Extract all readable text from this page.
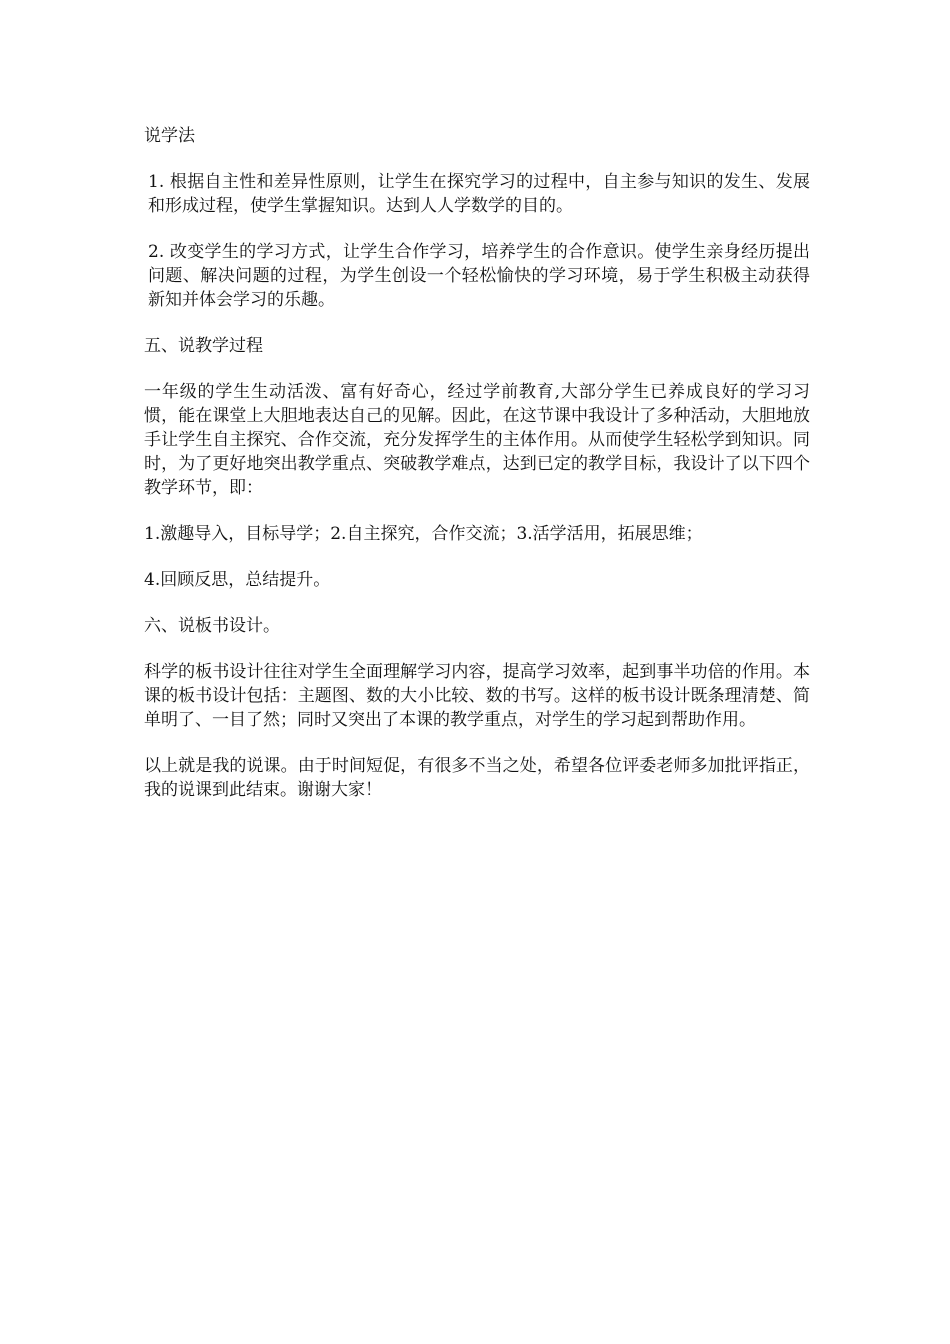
说学法

1. 根据自主性和差异性原则，让学生在探究学习的过程中，自主参与知识的发生、发展和形成过程，使学生掌握知识。达到人人学数学的目的。

2. 改变学生的学习方式，让学生合作学习，培养学生的合作意识。使学生亲身经历提出问题、解决问题的过程，为学生创设一个轻松愉快的学习环境，易于学生积极主动获得新知并体会学习的乐趣。

五、说教学过程

一年级的学生生动活泼、富有好奇心，经过学前教育,大部分学生已养成良好的学习习惯，能在课堂上大胆地表达自己的见解。因此，在这节课中我设计了多种活动，大胆地放手让学生自主探究、合作交流，充分发挥学生的主体作用。从而使学生轻松学到知识。同时，为了更好地突出教学重点、突破教学难点，达到已定的教学目标，我设计了以下四个教学环节，即：

1.激趣导入，目标导学；2.自主探究，合作交流；3.活学活用，拓展思维；

4.回顾反思，总结提升。

六、说板书设计。

科学的板书设计往往对学生全面理解学习内容，提高学习效率，起到事半功倍的作用。本课的板书设计包括：主题图、数的大小比较、数的书写。这样的板书设计既条理清楚、简单明了、一目了然；同时又突出了本课的教学重点，对学生的学习起到帮助作用。

以上就是我的说课。由于时间短促，有很多不当之处，希望各位评委老师多加批评指正，我的说课到此结束。谢谢大家！
